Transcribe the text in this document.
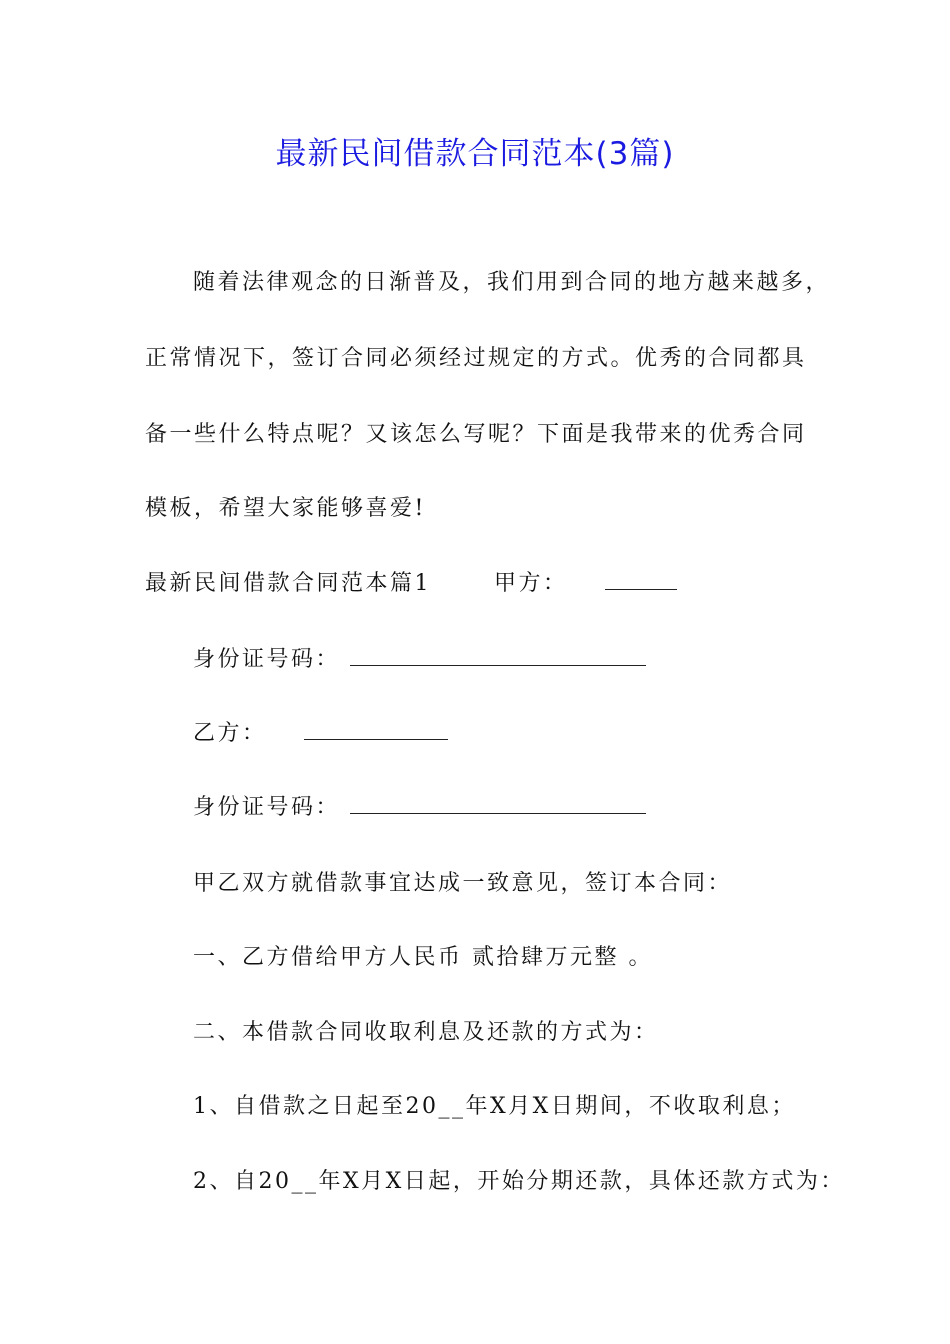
最新民间借款合同范本(3篇)
随着法律观念的日渐普及，我们用到合同的地方越来越多，
正常情况下，签订合同必须经过规定的方式。优秀的合同都具
备一些什么特点呢？又该怎么写呢？下面是我带来的优秀合同
模板，希望大家能够喜爱!
最新民间借款合同范本篇1	甲方：
身份证号码：
乙方：
身份证号码：
甲乙双方就借款事宜达成一致意见，签订本合同：
一、乙方借给甲方人民币 贰拾肆万元整 。
二、本借款合同收取利息及还款的方式为：
1、自借款之日起至20__年X月X日期间，不收取利息；
2、自20__年X月X日起，开始分期还款，具体还款方式为：
